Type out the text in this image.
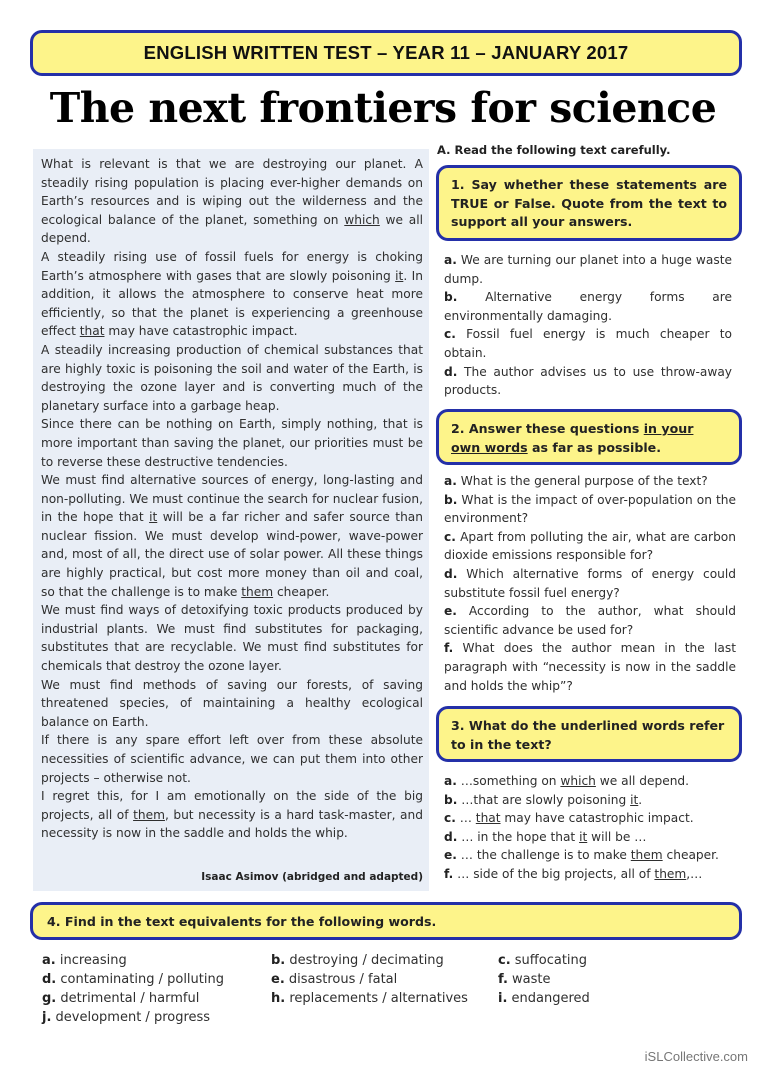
ENGLISH WRITTEN TEST – YEAR 11 – JANUARY 2017
The next frontiers for science

What is relevant is that we are destroying our planet. A steadily rising population is placing ever-higher demands on Earth’s resources and is wiping out the wilderness and the ecological balance of the planet, something on which we all depend.

A steadily rising use of fossil fuels for energy is choking Earth’s atmosphere with gases that are slowly poisoning it. In addition, it allows the atmosphere to conserve heat more efficiently, so that the planet is experiencing a greenhouse effect that may have catastrophic impact.

A steadily increasing production of chemical substances that are highly toxic is poisoning the soil and water of the Earth, is destroying the ozone layer and is converting much of the planetary surface into a garbage heap.

Since there can be nothing on Earth, simply nothing, that is more important than saving the planet, our priorities must be to reverse these destructive tendencies.

We must find alternative sources of energy, long-lasting and non-polluting. We must continue the search for nuclear fusion, in the hope that it will be a far richer and safer source than nuclear fission. We must develop wind-power, wave-power and, most of all, the direct use of solar power. All these things are highly practical, but cost more money than oil and coal, so that the challenge is to make them cheaper.

We must find ways of detoxifying toxic products produced by industrial plants. We must find substitutes for packaging, substitutes that are recyclable. We must find substitutes for chemicals that destroy the ozone layer.

We must find methods of saving our forests, of saving threatened species, of maintaining a healthy ecological balance on Earth.

If there is any spare effort left over from these absolute necessities of scientific advance, we can put them into other projects – otherwise not.

I regret this, for I am emotionally on the side of the big projects, all of them, but necessity is a hard task-master, and necessity is now in the saddle and holds the whip.

Isaac Asimov (abridged and adapted)
A. Read the following text carefully.
1. Say whether these statements are TRUE or False. Quote from the text to support all your answers.

a. We are turning our planet into a huge waste dump.

b. Alternative energy forms are environmentally damaging.

c. Fossil fuel energy is much cheaper to obtain.

d. The author advises us to use throw-away products.

2. Answer these questions in your own words as far as possible.

a. What is the general purpose of the text?

b. What is the impact of over-population on the environment?

c. Apart from polluting the air, what are carbon dioxide emissions responsible for?

d. Which alternative forms of energy could substitute fossil fuel energy?

e. According to the author, what should scientific advance be used for?

f. What does the author mean in the last paragraph with “necessity is now in the saddle and holds the whip”?

3. What do the underlined words refer to in the text?

a. …something on which we all depend.

b. …that are slowly poisoning it.

c. … that may have catastrophic impact.

d. … in the hope that it will be …

e. … the challenge is to make them cheaper.

f. … side of the big projects, all of them,…

4. Find in the text equivalents for the following words.
a. increasing	b. destroying / decimating	c. suffocating
d. contaminating / polluting	e. disastrous / fatal	f. waste
g. detrimental / harmful	h. replacements / alternatives i. endangered
j. development / progress
iSLCollective.com
